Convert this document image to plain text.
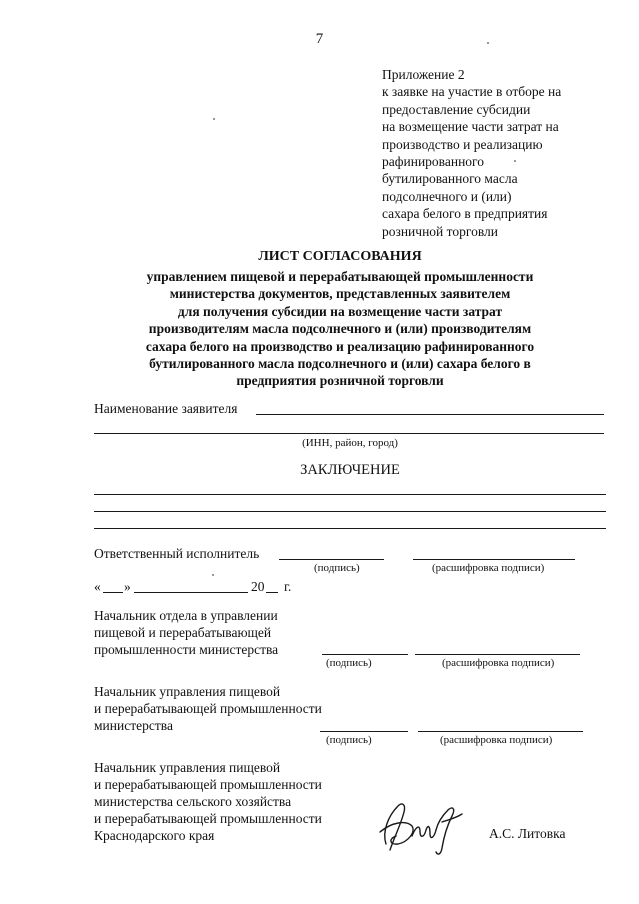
7
Приложение 2
к заявке на участие в отборе на
предоставление субсидии
на возмещение части затрат на
производство и реализацию
рафинированного
бутилированного масла
подсолнечного и (или)
сахара белого в предприятия
розничной торговли
ЛИСТ СОГЛАСОВАНИЯ
управлением пищевой и перерабатывающей промышленности
министерства документов, представленных заявителем
для получения субсидии на возмещение части затрат
производителям масла подсолнечного и (или) производителям
сахара белого на производство и реализацию рафинированного
бутилированного масла подсолнечного и (или) сахара белого в
предприятия розничной торговли
Наименование заявителя
(ИНН, район, город)
ЗАКЛЮЧЕНИЕ
Ответственный исполнитель
(подпись)	(расшифровка подписи)
« »	20 г.
Начальник отдела в управлении
пищевой и перерабатывающей
промышленности министерства
(подпись)	(расшифровка подписи)
Начальник управления пищевой
и перерабатывающей промышленности
министерства
(подпись)	(расшифровка подписи)
Начальник управления пищевой
и перерабатывающей промышленности
министерства сельского хозяйства
и перерабатывающей промышленности
Краснодарского края	А.С. Литовка
